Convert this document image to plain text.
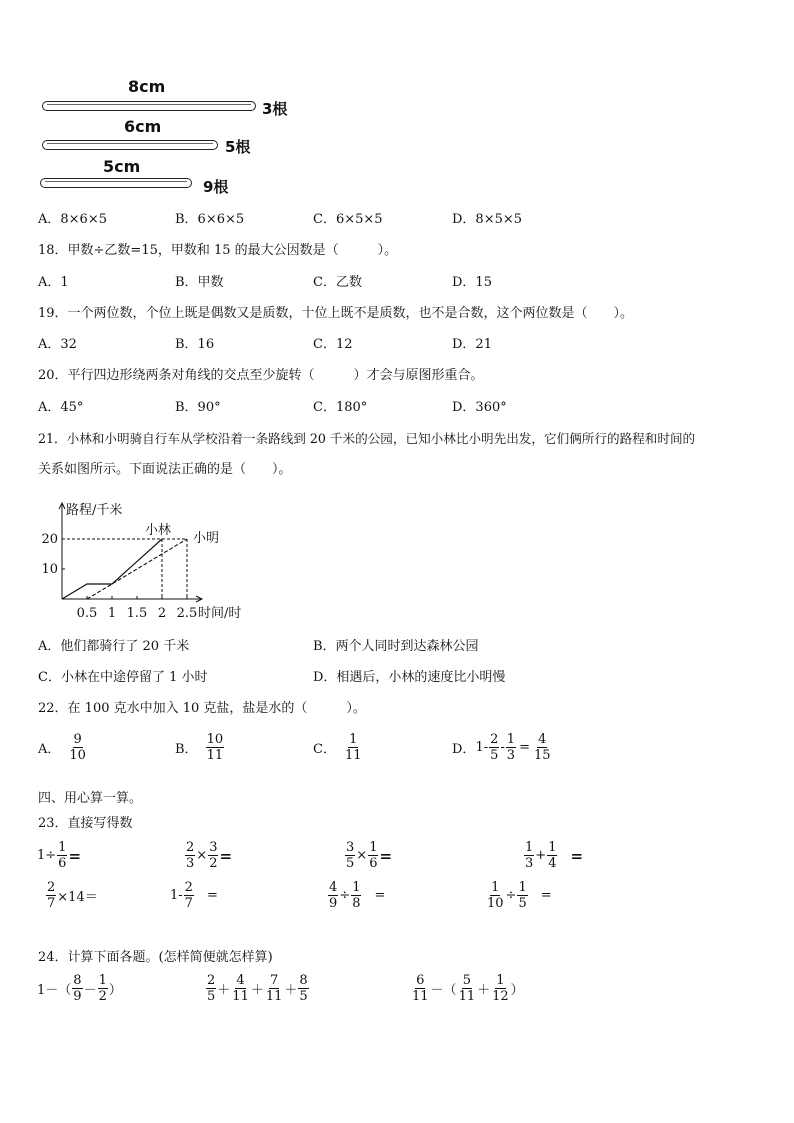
8cm
3根
6cm
5根
5cm
9根
A．8×6×5	B．6×6×5	C．6×5×5	D．8×5×5
18．甲数÷乙数=15，甲数和 15 的最大公因数是（　　　）。
A．1	B．甲数	C．乙数	D．15
19．一个两位数，个位上既是偶数又是质数，十位上既不是质数，也不是合数，这个两位数是（　　）。
A．32	B．16	C．12	D．21
20．平行四边形绕两条对角线的交点至少旋转（　　　）才会与原图形重合。
A．45°	B．90°	C．180°	D．360°
21．小林和小明骑自行车从学校沿着一条路线到 20 千米的公园，已知小林比小明先出发，它们俩所行的路程和时间的
关系如图所示。下面说法正确的是（　　）。
路程/千米
时间/时
10
20
0.5 1 1.5 2 2.5
小林
小明
A．他们都骑行了 20 千米	B．两个人同时到达森林公园
C．小林在中途停留了 1 小时	D．相遇后，小林的速度比小明慢
22．在 100 克水中加入 10 克盐，盐是水的（　　　）。
A． $\frac{9}{10}$	B． $\frac{10}{11}$	C． $\frac{1}{11}$	D． $1- \frac{2}{5} - \frac{1}{3} = \frac{4}{15}$
四、用心算一算。
23．直接写得数
$1\div \frac{1}{6}$ =	$\frac{2}{3} \times \frac{3}{2}$ =	$\frac{3}{5} \times \frac{1}{6}$ =	$\frac{1}{3} + \frac{1}{4}$ =
$\frac{2}{7} \times 14=$	$1- \frac{2}{7}$ =	$\frac{4}{9} \div \frac{1}{8}$ =	$\frac{1}{10} \div \frac{1}{5}$ =
24．计算下面各题。(怎样简便就怎样算)
$1-( \frac{8}{9} - \frac{1}{2}$ ）	$\frac{2}{5} + \frac{4}{11} + \frac{7}{11} + \frac{8}{5}$	$\frac{6}{11}$ －（ $\frac{5}{11} + \frac{1}{12}$ ）
